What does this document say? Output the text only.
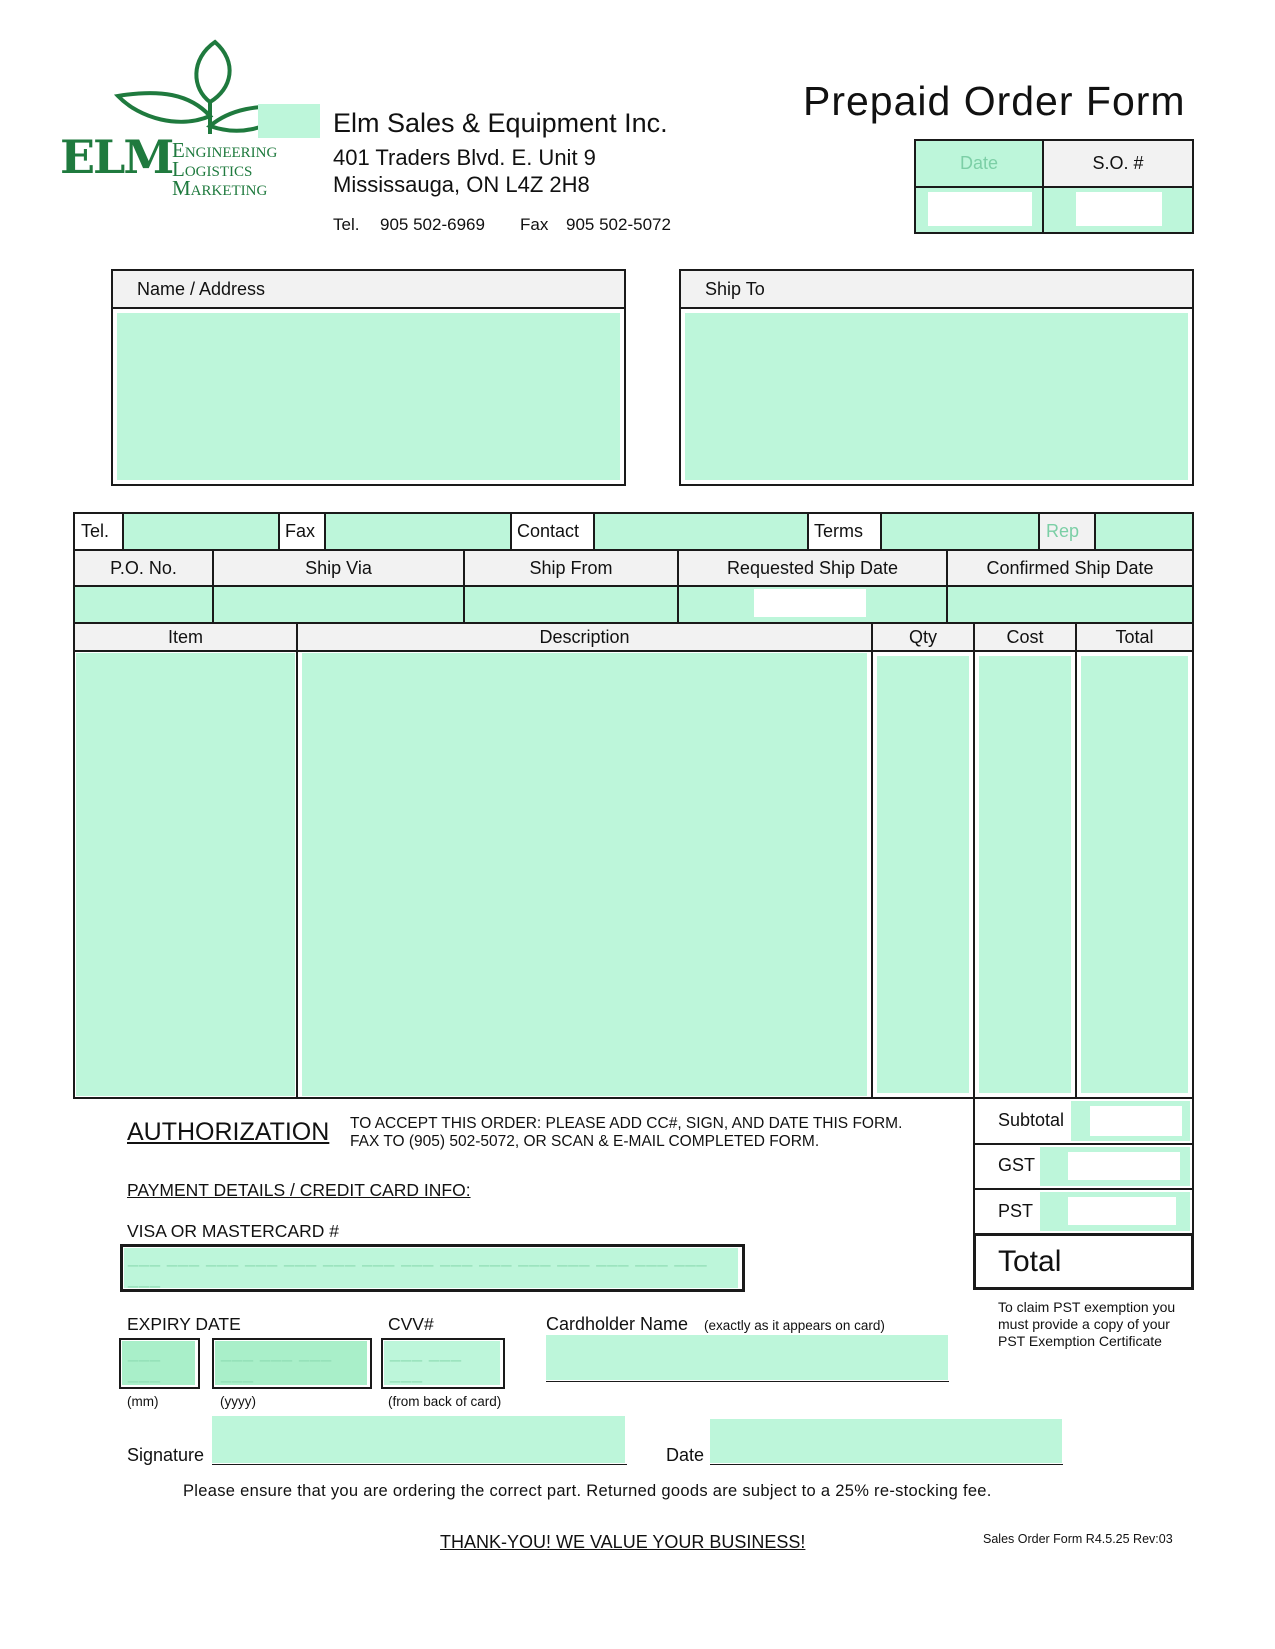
ELM Engineering
Logistics
Marketing
Elm Sales & Equipment Inc.
401 Traders Blvd. E. Unit 9
Mississauga, ON L4Z 2H8
Tel. 905 502-6969 Fax 905 502-5072
Prepaid Order Form
Date	S.O. #
Name / Address	Ship To
Tel.	Fax	Contact	Terms	Rep
P.O. No.	Ship Via	Ship From	Requested Ship Date	Confirmed Ship Date
Item	Description	Qty	Cost	Total
Subtotal
GST
PST
Total
To claim PST exemption you
must provide a copy of your
PST Exemption Certificate
AUTHORIZATION TO ACCEPT THIS ORDER: PLEASE ADD CC#, SIGN, AND DATE THIS FORM.
FAX TO (905) 502-5072, OR SCAN & E-MAIL COMPLETED FORM.
PAYMENT DETAILS / CREDIT CARD INFO:
VISA OR MASTERCARD #
___ ___ ___ ___ ___ ___ ___ ___ ___ ___ ___ ___ ___ ___ ___ ___
EXPIRY DATE	CVV#	Cardholder Name (exactly as it appears on card)
___ ___
___ ___ ___ ___
___ ___ ___
(mm)	(yyyy)	(from back of card)
Signature	Date
Please ensure that you are ordering the correct part. Returned goods are subject to a 25% re-stocking fee.
THANK-YOU! WE VALUE YOUR BUSINESS!	Sales Order Form R4.5.25 Rev:03
